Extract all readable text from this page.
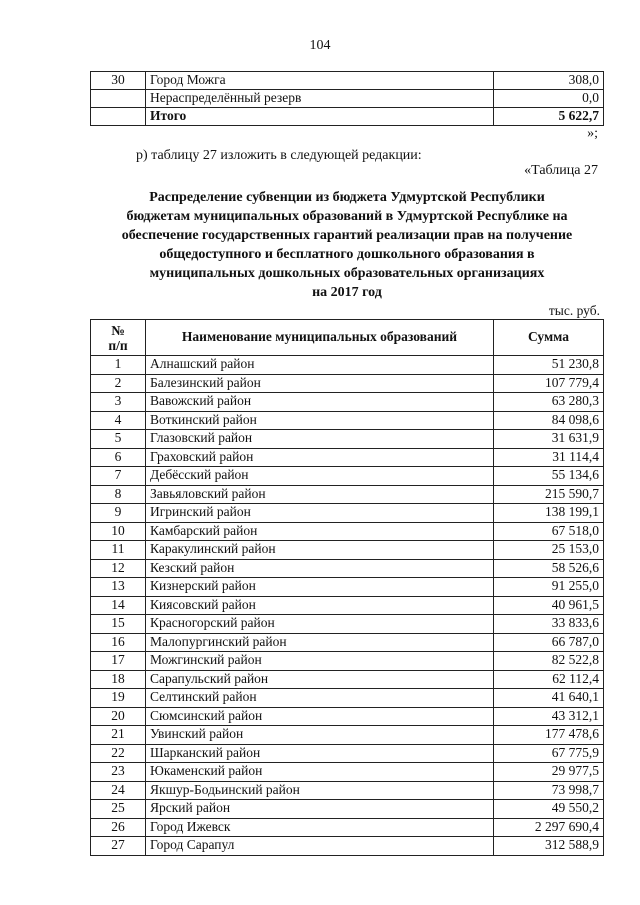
104
30	Город Можга	308,0
	Нераспределённый резерв	0,0
	Итого	5 622,7
»;
р) таблицу 27 изложить в следующей редакции:
«Таблица 27
Распределение субвенции из бюджета Удмуртской Республики
бюджетам муниципальных образований в Удмуртской Республике на
обеспечение государственных гарантий реализации прав на получение
общедоступного и бесплатного дошкольного образования в
муниципальных дошкольных образовательных организациях
на 2017 год
тыс. руб.
№
п/п	Наименование муниципальных образований	Сумма
1	Алнашский район	51 230,8
2	Балезинский район	107 779,4
3	Вавожский район	63 280,3
4	Воткинский район	84 098,6
5	Глазовский район	31 631,9
6	Граховский район	31 114,4
7	Дебёсский район	55 134,6
8	Завьяловский район	215 590,7
9	Игринский район	138 199,1
10	Камбарский район	67 518,0
11	Каракулинский район	25 153,0
12	Кезский район	58 526,6
13	Кизнерский район	91 255,0
14	Киясовский район	40 961,5
15	Красногорский район	33 833,6
16	Малопургинский район	66 787,0
17	Можгинский район	82 522,8
18	Сарапульский район	62 112,4
19	Селтинский район	41 640,1
20	Сюмсинский район	43 312,1
21	Увинский район	177 478,6
22	Шарканский район	67 775,9
23	Юкаменский район	29 977,5
24	Якшур-Бодьинский район	73 998,7
25	Ярский район	49 550,2
26	Город Ижевск	2 297 690,4
27	Город Сарапул	312 588,9
